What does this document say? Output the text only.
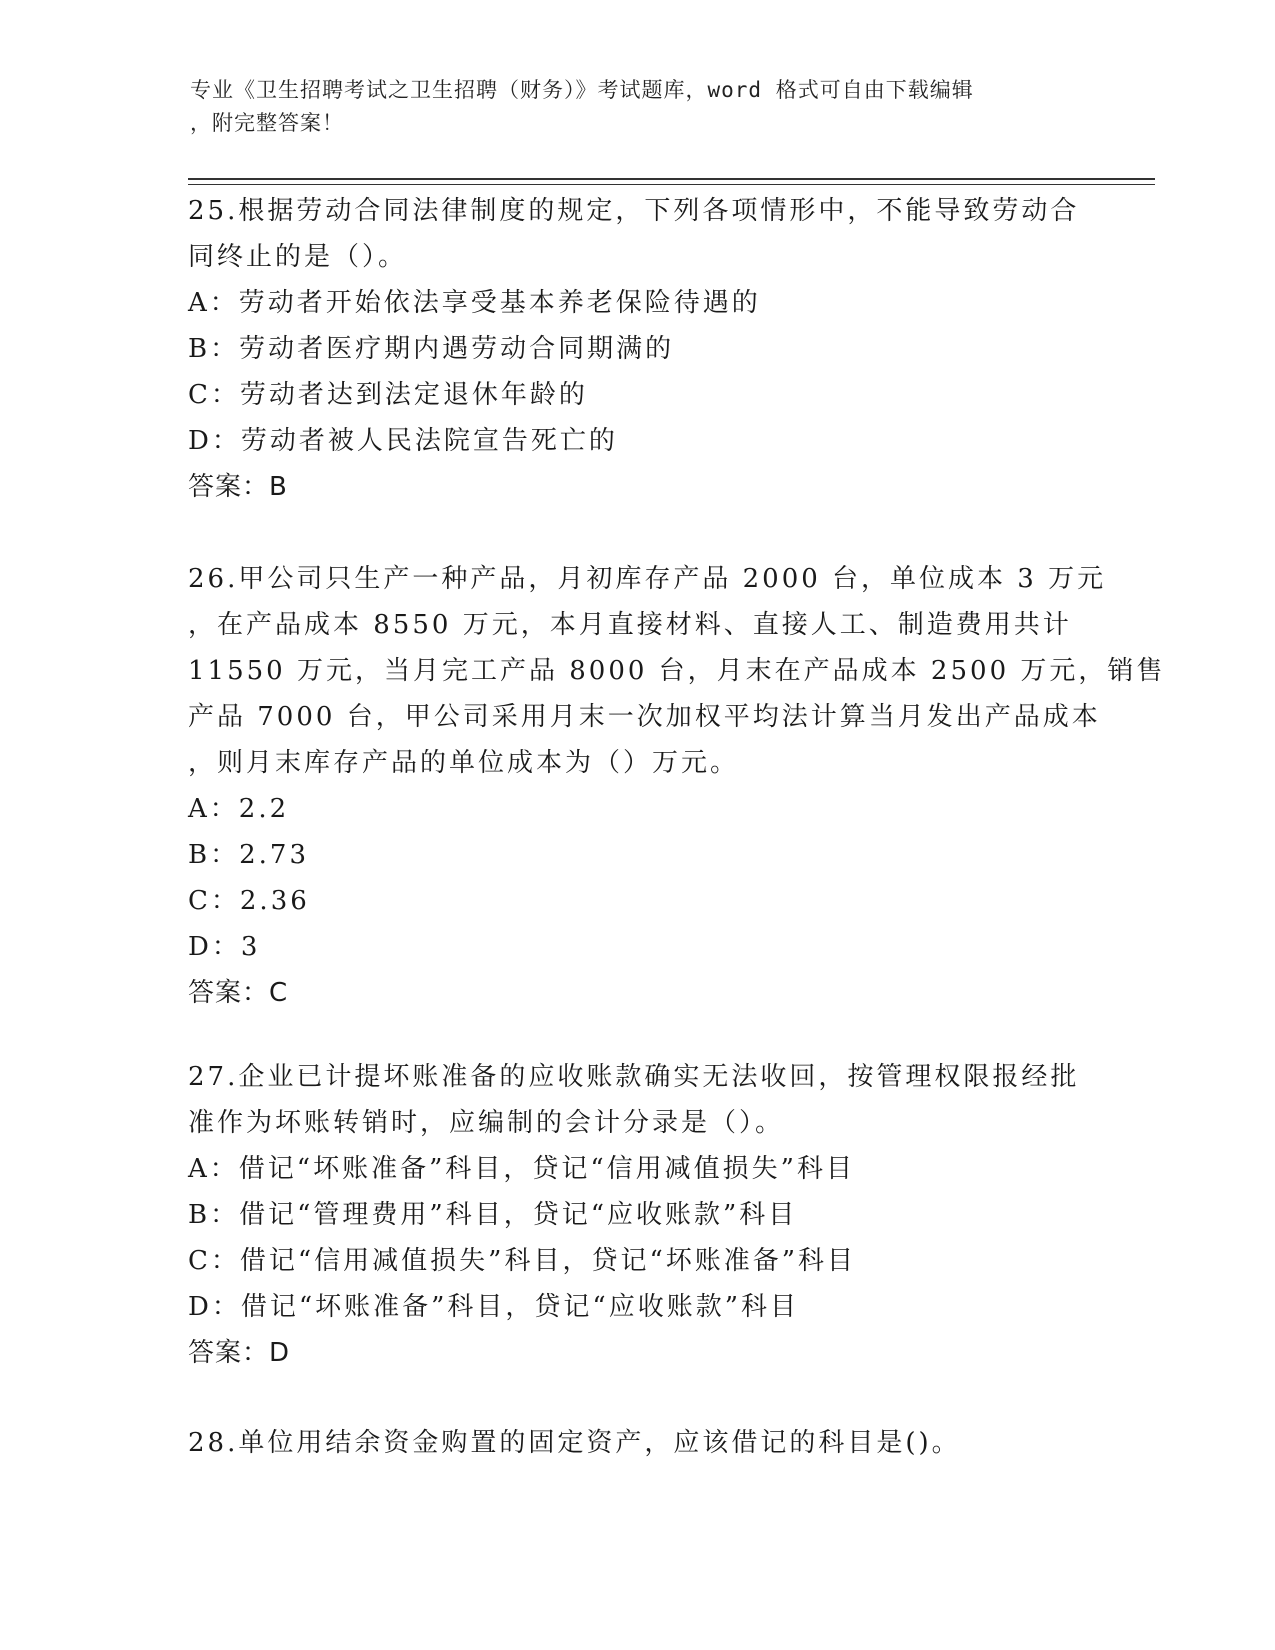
专业《卫生招聘考试之卫生招聘（财务）》考试题库，word 格式可自由下载编辑
，附完整答案！
25.根据劳动合同法律制度的规定，下列各项情形中，不能导致劳动合
同终止的是（）。
A：劳动者开始依法享受基本养老保险待遇的
B：劳动者医疗期内遇劳动合同期满的
C：劳动者达到法定退休年龄的
D：劳动者被人民法院宣告死亡的
答案：B
26.甲公司只生产一种产品，月初库存产品 2000 台，单位成本 3 万元
，在产品成本 8550 万元，本月直接材料、直接人工、制造费用共计
11550 万元，当月完工产品 8000 台，月末在产品成本 2500 万元，销售
产品 7000 台，甲公司采用月末一次加权平均法计算当月发出产品成本
，则月末库存产品的单位成本为（）万元。
A：2.2
B：2.73
C：2.36
D：3
答案：C
27.企业已计提坏账准备的应收账款确实无法收回，按管理权限报经批
准作为坏账转销时，应编制的会计分录是（）。
A：借记“坏账准备”科目，贷记“信用减值损失”科目
B：借记“管理费用”科目，贷记“应收账款”科目
C：借记“信用减值损失”科目，贷记“坏账准备”科目
D：借记“坏账准备”科目，贷记“应收账款”科目
答案：D
28.单位用结余资金购置的固定资产，应该借记的科目是()。
